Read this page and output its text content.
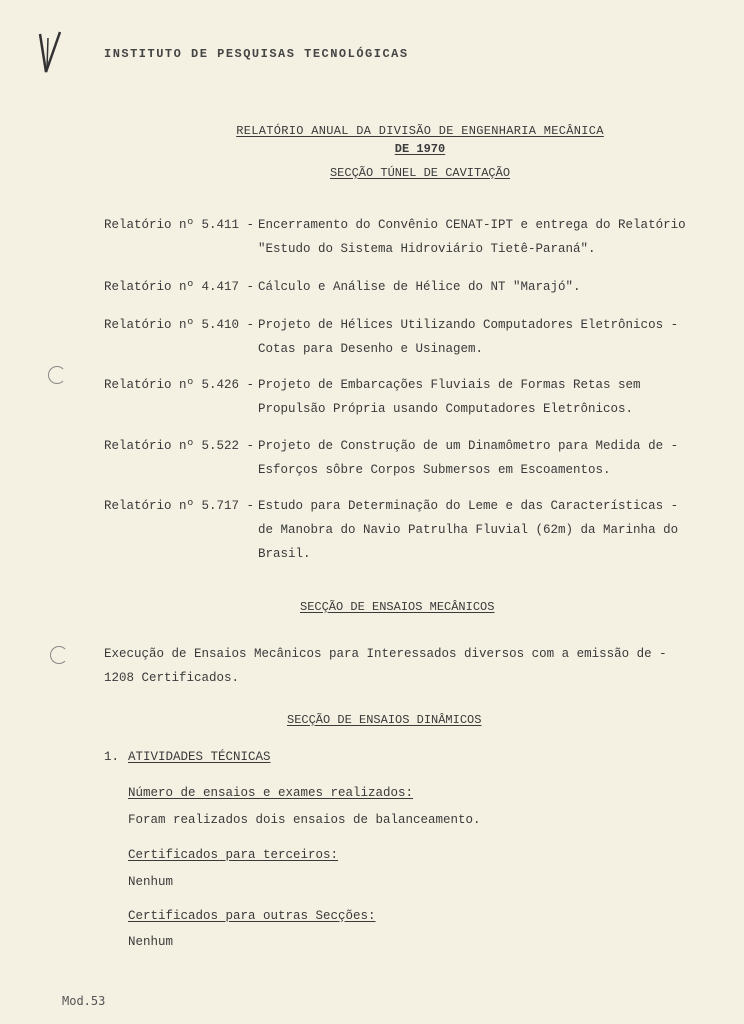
INSTITUTO DE PESQUISAS TECNOLÓGICAS
RELATÓRIO ANUAL DA DIVISÃO DE ENGENHARIA MECÂNICA
DE 1970
SECÇÃO TÚNEL DE CAVITAÇÃO
Relatório nº 5.411 - Encerramento do Convênio CENAT-IPT e entrega do Relatório "Estudo do Sistema Hidroviário Tietê-Paraná".
Relatório nº 4.417 - Cálculo e Análise de Hélice do NT "Marajó".
Relatório nº 5.410 - Projeto de Hélices Utilizando Computadores Eletrônicos - Cotas para Desenho e Usinagem.
Relatório nº 5.426 - Projeto de Embarcações Fluviais de Formas Retas sem Propulsão Própria usando Computadores Eletrônicos.
Relatório nº 5.522 - Projeto de Construção de um Dinamômetro para Medida de - Esforços sôbre Corpos Submersos em Escoamentos.
Relatório nº 5.717 - Estudo para Determinação do Leme e das Características - de Manobra do Navio Patrulha Fluvial (62m) da Marinha do Brasil.
SECÇÃO DE ENSAIOS MECÂNICOS
Execução de Ensaios Mecânicos para Interessados diversos com a emissão de - 1208 Certificados.
SECÇÃO DE ENSAIOS DINÂMICOS
1. ATIVIDADES TÉCNICAS
Número de ensaios e exames realizados:
Foram realizados dois ensaios de balanceamento.
Certificados para terceiros:
Nenhum
Certificados para outras Secções:
Nenhum
Mod.53
